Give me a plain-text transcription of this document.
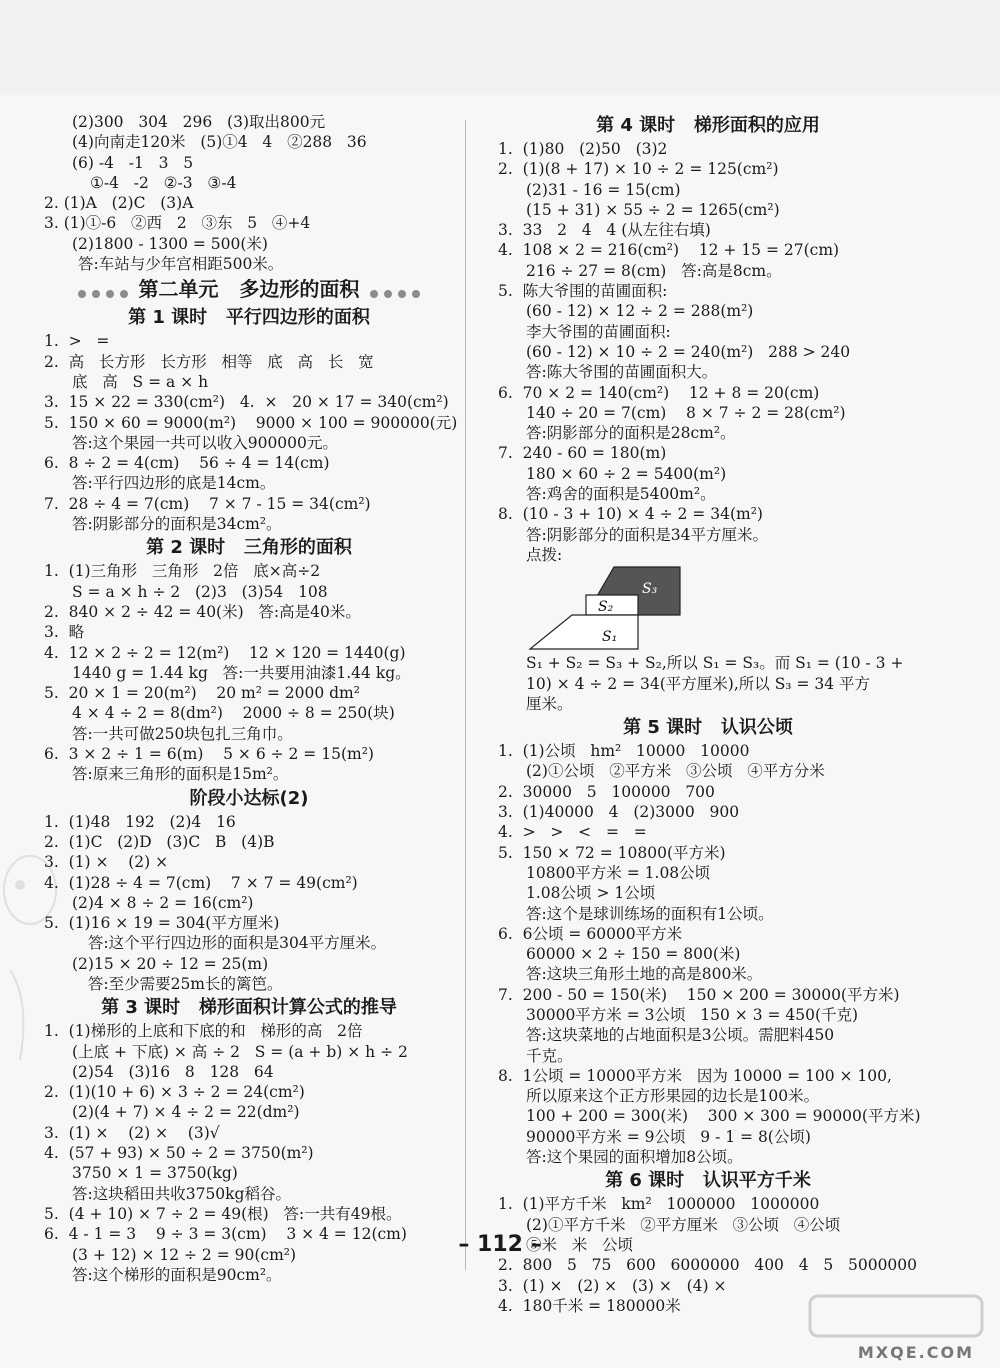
(2)300   304   296   (3)取出800元
(4)向南走120米   (5)①4   4   ②288   36
(6) -4   -1   3   5
①-4   -2   ②-3   ③-4
2. (1)A   (2)C   (3)A
3. (1)①-6   ②西   2   ③东   5   ④+4
(2)1800 - 1300 = 500(米)
答:车站与少年宫相距500米。
第二单元   多边形的面积
第 1 课时   平行四边形的面积
1.  >   =
2.  高   长方形   长方形   相等   底   高   长   宽
底   高   S = a × h
3.  15 × 22 = 330(cm²)   4.  ×   20 × 17 = 340(cm²)
5.  150 × 60 = 9000(m²)    9000 × 100 = 900000(元)
答:这个果园一共可以收入900000元。
6.  8 ÷ 2 = 4(cm)    56 ÷ 4 = 14(cm)
答:平行四边形的底是14cm。
7.  28 ÷ 4 = 7(cm)    7 × 7 - 15 = 34(cm²)
答:阴影部分的面积是34cm²。
第 2 课时   三角形的面积
1.  (1)三角形   三角形   2倍   底×高÷2
S = a × h ÷ 2   (2)3   (3)54   108
2.  840 × 2 ÷ 42 = 40(米)   答:高是40米。
3.  略
4.  12 × 2 ÷ 2 = 12(m²)    12 × 120 = 1440(g)
1440 g = 1.44 kg   答:一共要用油漆1.44 kg。
5.  20 × 1 = 20(m²)    20 m² = 2000 dm²
4 × 4 ÷ 2 = 8(dm²)    2000 ÷ 8 = 250(块)
答:一共可做250块包扎三角巾。
6.  3 × 2 ÷ 1 = 6(m)    5 × 6 ÷ 2 = 15(m²)
答:原来三角形的面积是15m²。
阶段小达标(2)
1.  (1)48   192   (2)4   16
2.  (1)C   (2)D   (3)C   B   (4)B
3.  (1) ×    (2) ×
4.  (1)28 ÷ 4 = 7(cm)    7 × 7 = 49(cm²)
(2)4 × 8 ÷ 2 = 16(cm²)
5.  (1)16 × 19 = 304(平方厘米)
答:这个平行四边形的面积是304平方厘米。
(2)15 × 20 ÷ 12 = 25(m)
答:至少需要25m长的篱笆。
第 3 课时   梯形面积计算公式的推导
1.  (1)梯形的上底和下底的和   梯形的高   2倍
(上底 + 下底) × 高 ÷ 2   S = (a + b) × h ÷ 2
(2)54   (3)16   8   128   64
2.  (1)(10 + 6) × 3 ÷ 2 = 24(cm²)
(2)(4 + 7) × 4 ÷ 2 = 22(dm²)
3.  (1) ×    (2) ×    (3)√
4.  (57 + 93) × 50 ÷ 2 = 3750(m²)
3750 × 1 = 3750(kg)
答:这块稻田共收3750kg稻谷。
5.  (4 + 10) × 7 ÷ 2 = 49(根)   答:一共有49根。
6.  4 - 1 = 3    9 ÷ 3 = 3(cm)    3 × 4 = 12(cm)
(3 + 12) × 12 ÷ 2 = 90(cm²)
答:这个梯形的面积是90cm²。
第 4 课时   梯形面积的应用
1.  (1)80   (2)50   (3)2
2.  (1)(8 + 17) × 10 ÷ 2 = 125(cm²)
(2)31 - 16 = 15(cm)
(15 + 31) × 55 ÷ 2 = 1265(cm²)
3.  33   2   4   4 (从左往右填)
4.  108 × 2 = 216(cm²)    12 + 15 = 27(cm)
216 ÷ 27 = 8(cm)   答:高是8cm。
5.  陈大爷围的苗圃面积:
(60 - 12) × 12 ÷ 2 = 288(m²)
李大爷围的苗圃面积:
(60 - 12) × 10 ÷ 2 = 240(m²)   288 > 240
答:陈大爷围的苗圃面积大。
6.  70 × 2 = 140(cm²)    12 + 8 = 20(cm)
140 ÷ 20 = 7(cm)    8 × 7 ÷ 2 = 28(cm²)
答:阴影部分的面积是28cm²。
7.  240 - 60 = 180(m)
180 × 60 ÷ 2 = 5400(m²)
答:鸡舍的面积是5400m²。
8.  (10 - 3 + 10) × 4 ÷ 2 = 34(m²)
答:阴影部分的面积是34平方厘米。
点拨:
S₃
S₂
S₁
S₁ + S₂ = S₃ + S₂,所以 S₁ = S₃。而 S₁ = (10 - 3 +
10) × 4 ÷ 2 = 34(平方厘米),所以 S₃ = 34 平方
厘米。
第 5 课时   认识公顷
1.  (1)公顷   hm²   10000   10000
(2)①公顷   ②平方米   ③公顷   ④平方分米
2.  30000   5   100000   700
3.  (1)40000   4   (2)3000   900
4.  >   >   <   =   =
5.  150 × 72 = 10800(平方米)
10800平方米 = 1.08公顷
1.08公顷 > 1公顷
答:这个是球训练场的面积有1公顷。
6.  6公顷 = 60000平方米
60000 × 2 ÷ 150 = 800(米)
答:这块三角形土地的高是800米。
7.  200 - 50 = 150(米)    150 × 200 = 30000(平方米)
30000平方米 = 3公顷   150 × 3 = 450(千克)
答:这块菜地的占地面积是3公顷。需肥料450
千克。
8.  1公顷 = 10000平方米   因为 10000 = 100 × 100,
所以原来这个正方形果园的边长是100米。
100 + 200 = 300(米)    300 × 300 = 90000(平方米)
90000平方米 = 9公顷   9 - 1 = 8(公顷)
答:这个果园的面积增加8公顷。
第 6 课时   认识平方千米
1.  (1)平方千米   km²   1000000   1000000
(2)①平方千米   ②平方厘米   ③公顷   ④公顷
⑤米   米   公顷
2.  800   5   75   600   6000000   400   4   5   5000000
3.  (1) ×   (2) ×   (3) ×   (4) ×
4.  180千米 = 180000米
– 112 –
MXQE.COM
